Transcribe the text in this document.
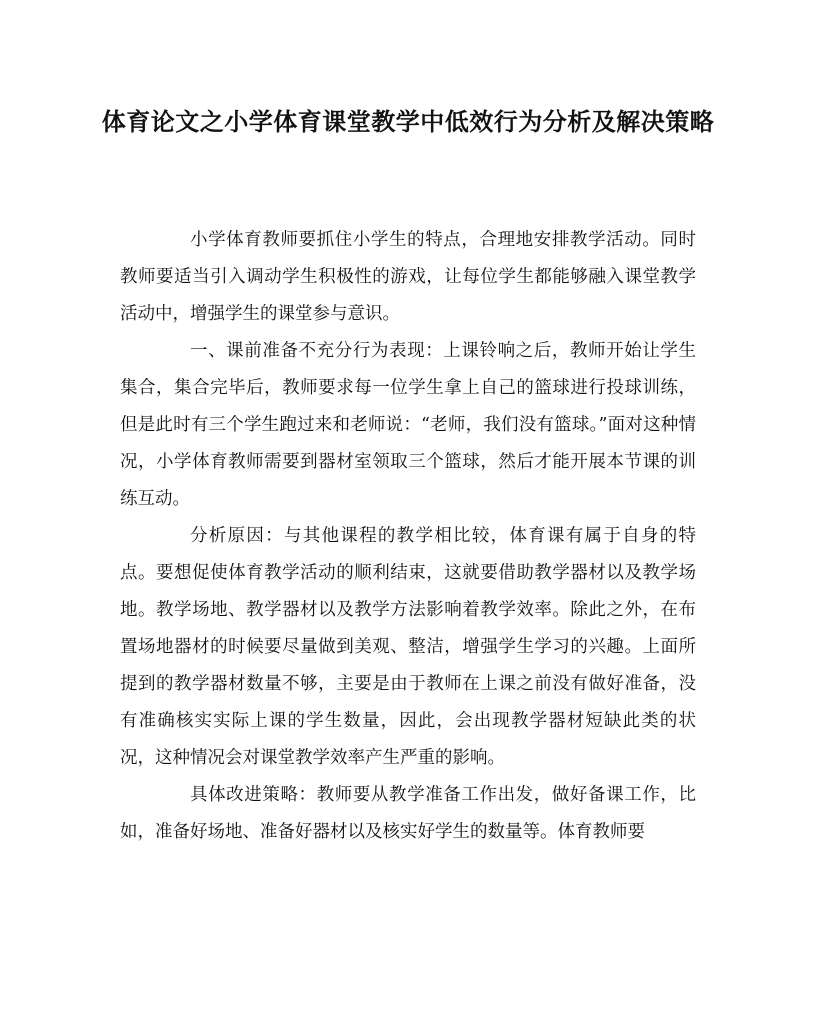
体育论文之小学体育课堂教学中低效行为分析及解决策略

小学体育教师要抓住小学生的特点，合理地安排教学活动。同时教师要适当引入调动学生积极性的游戏，让每位学生都能够融入课堂教学活动中，增强学生的课堂参与意识。

一、课前准备不充分行为表现：上课铃响之后，教师开始让学生集合，集合完毕后，教师要求每一位学生拿上自己的篮球进行投球训练，但是此时有三个学生跑过来和老师说：“老师，我们没有篮球。”面对这种情况，小学体育教师需要到器材室领取三个篮球，然后才能开展本节课的训练互动。

分析原因：与其他课程的教学相比较，体育课有属于自身的特点。要想促使体育教学活动的顺利结束，这就要借助教学器材以及教学场地。教学场地、教学器材以及教学方法影响着教学效率。除此之外，在布置场地器材的时候要尽量做到美观、整洁，增强学生学习的兴趣。上面所提到的教学器材数量不够，主要是由于教师在上课之前没有做好准备，没有准确核实实际上课的学生数量，因此，会出现教学器材短缺此类的状况，这种情况会对课堂教学效率产生严重的影响。

具体改进策略：教师要从教学准备工作出发，做好备课工作，比如，准备好场地、准备好器材以及核实好学生的数量等。体育教师要
